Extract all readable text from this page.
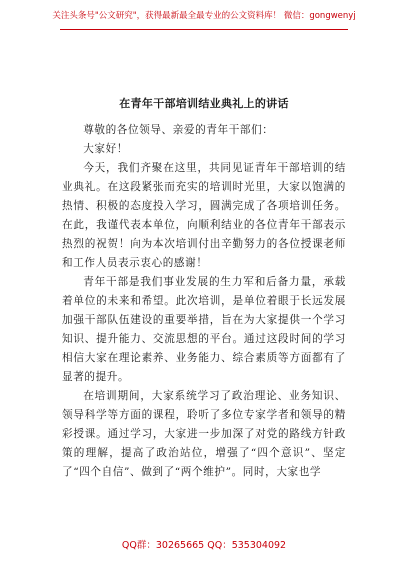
关注头条号"公文研究"，获得最新最全最专业的公文资料库！ 微信：gongwenyj
在青年干部培训结业典礼上的讲话

尊敬的各位领导、亲爱的青年干部们：

大家好！

今天，我们齐聚在这里，共同见证青年干部培训的结业典礼。在这段紧张而充实的培训时光里，大家以饱满的热情、积极的态度投入学习，圆满完成了各项培训任务。在此，我谨代表本单位，向顺利结业的各位青年干部表示热烈的祝贺！向为本次培训付出辛勤努力的各位授课老师和工作人员表示衷心的感谢！

青年干部是我们事业发展的生力军和后备力量，承载着单位的未来和希望。此次培训，是单位着眼于长远发展加强干部队伍建设的重要举措，旨在为大家提供一个学习知识、提升能力、交流思想的平台。通过这段时间的学习相信大家在理论素养、业务能力、综合素质等方面都有了显著的提升。

在培训期间，大家系统学习了政治理论、业务知识、领导科学等方面的课程，聆听了多位专家学者和领导的精彩授课。通过学习，大家进一步加深了对党的路线方针政策的理解，提高了政治站位，增强了“四个意识”、坚定了“四个自信”、做到了“两个维护”。同时，大家也学

QQ群：30265665 QQ：535304092
